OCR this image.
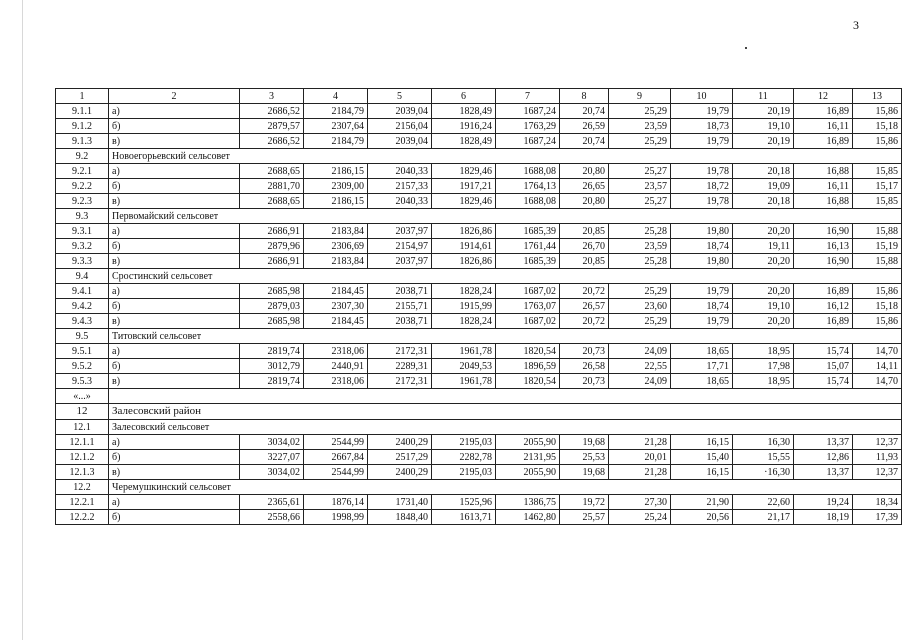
3
1	2	3	4	5	6	7	8	9	10	11	12	13
9.1.1	а)	2686,52	2184,79	2039,04	1828,49	1687,24	20,74	25,29	19,79	20,19	16,89	15,86
9.1.2	б)	2879,57	2307,64	2156,04	1916,24	1763,29	26,59	23,59	18,73	19,10	16,11	15,18
9.1.3	в)	2686,52	2184,79	2039,04	1828,49	1687,24	20,74	25,29	19,79	20,19	16,89	15,86
9.2	Новоегорьевский сельсовет											
9.2.1	а)	2688,65	2186,15	2040,33	1829,46	1688,08	20,80	25,27	19,78	20,18	16,88	15,85
9.2.2	б)	2881,70	2309,00	2157,33	1917,21	1764,13	26,65	23,57	18,72	19,09	16,11	15,17
9.2.3	в)	2688,65	2186,15	2040,33	1829,46	1688,08	20,80	25,27	19,78	20,18	16,88	15,85
9.3	Первомайский сельсовет											
9.3.1	а)	2686,91	2183,84	2037,97	1826,86	1685,39	20,85	25,28	19,80	20,20	16,90	15,88
9.3.2	б)	2879,96	2306,69	2154,97	1914,61	1761,44	26,70	23,59	18,74	19,11	16,13	15,19
9.3.3	в)	2686,91	2183,84	2037,97	1826,86	1685,39	20,85	25,28	19,80	20,20	16,90	15,88
9.4	Сростинский сельсовет											
9.4.1	а)	2685,98	2184,45	2038,71	1828,24	1687,02	20,72	25,29	19,79	20,20	16,89	15,86
9.4.2	б)	2879,03	2307,30	2155,71	1915,99	1763,07	26,57	23,60	18,74	19,10	16,12	15,18
9.4.3	в)	2685,98	2184,45	2038,71	1828,24	1687,02	20,72	25,29	19,79	20,20	16,89	15,86
9.5	Титовский сельсовет											
9.5.1	а)	2819,74	2318,06	2172,31	1961,78	1820,54	20,73	24,09	18,65	18,95	15,74	14,70
9.5.2	б)	3012,79	2440,91	2289,31	2049,53	1896,59	26,58	22,55	17,71	17,98	15,07	14,11
9.5.3	в)	2819,74	2318,06	2172,31	1961,78	1820,54	20,73	24,09	18,65	18,95	15,74	14,70
«...»												
12	Залесовский район											
12.1	Залесовский сельсовет											
12.1.1	а)	3034,02	2544,99	2400,29	2195,03	2055,90	19,68	21,28	16,15	16,30	13,37	12,37
12.1.2	б)	3227,07	2667,84	2517,29	2282,78	2131,95	25,53	20,01	15,40	15,55	12,86	11,93
12.1.3	в)	3034,02	2544,99	2400,29	2195,03	2055,90	19,68	21,28	16,15	·16,30	13,37	12,37
12.2	Черемушкинский сельсовет											
12.2.1	а)	2365,61	1876,14	1731,40	1525,96	1386,75	19,72	27,30	21,90	22,60	19,24	18,34
12.2.2	б)	2558,66	1998,99	1848,40	1613,71	1462,80	25,57	25,24	20,56	21,17	18,19	17,39
